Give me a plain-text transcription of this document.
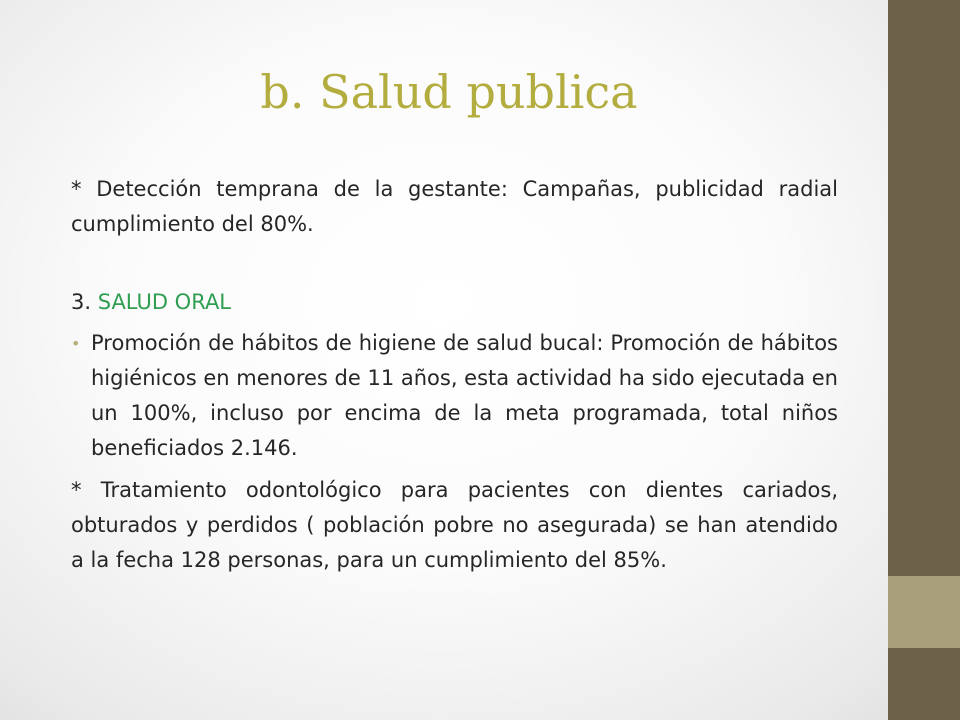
b. Salud publica

* Detección temprana de la gestante: Campañas, publicidad radial cumplimiento del 80%.

3. SALUD ORAL

• Promoción de hábitos de higiene de salud bucal: Promoción de hábitos higiénicos en menores de 11 años, esta actividad ha sido ejecutada en un 100%, incluso por encima de la meta programada, total niños beneficiados 2.146.

* Tratamiento odontológico para pacientes con dientes cariados, obturados y perdidos ( población pobre no asegurada) se han atendido a la fecha 128 personas, para un cumplimiento del 85%.
